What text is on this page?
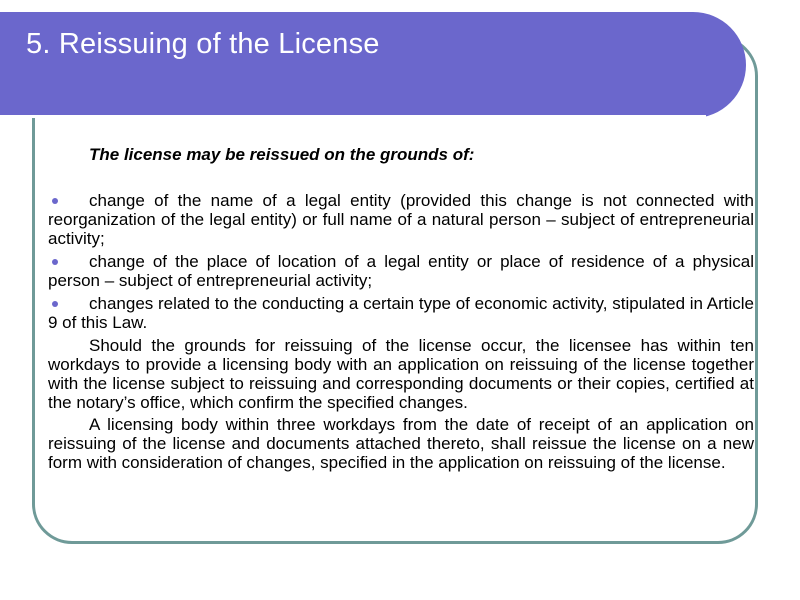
5. Reissuing of the License

The license may be reissued on the grounds of:

change of the name of a legal entity (provided this change is not connected with reorganization of the legal entity) or full name of a natural person – subject of entrepreneurial activity;

change of the place of location of a legal entity or place of residence of a physical person – subject of entrepreneurial activity;

changes related to the conducting a certain type of economic activity, stipulated in Article 9 of this Law.

Should the grounds for reissuing of the license occur, the licensee has within ten workdays to provide a licensing body with an application on reissuing of the license together with the license subject to reissuing and corresponding documents or their copies, certified at the notary’s office, which confirm the specified changes.

A licensing body within three workdays from the date of receipt of an application on reissuing of the license and documents attached thereto, shall reissue the license on a new form with consideration of changes, specified in the application on reissuing of the license.
